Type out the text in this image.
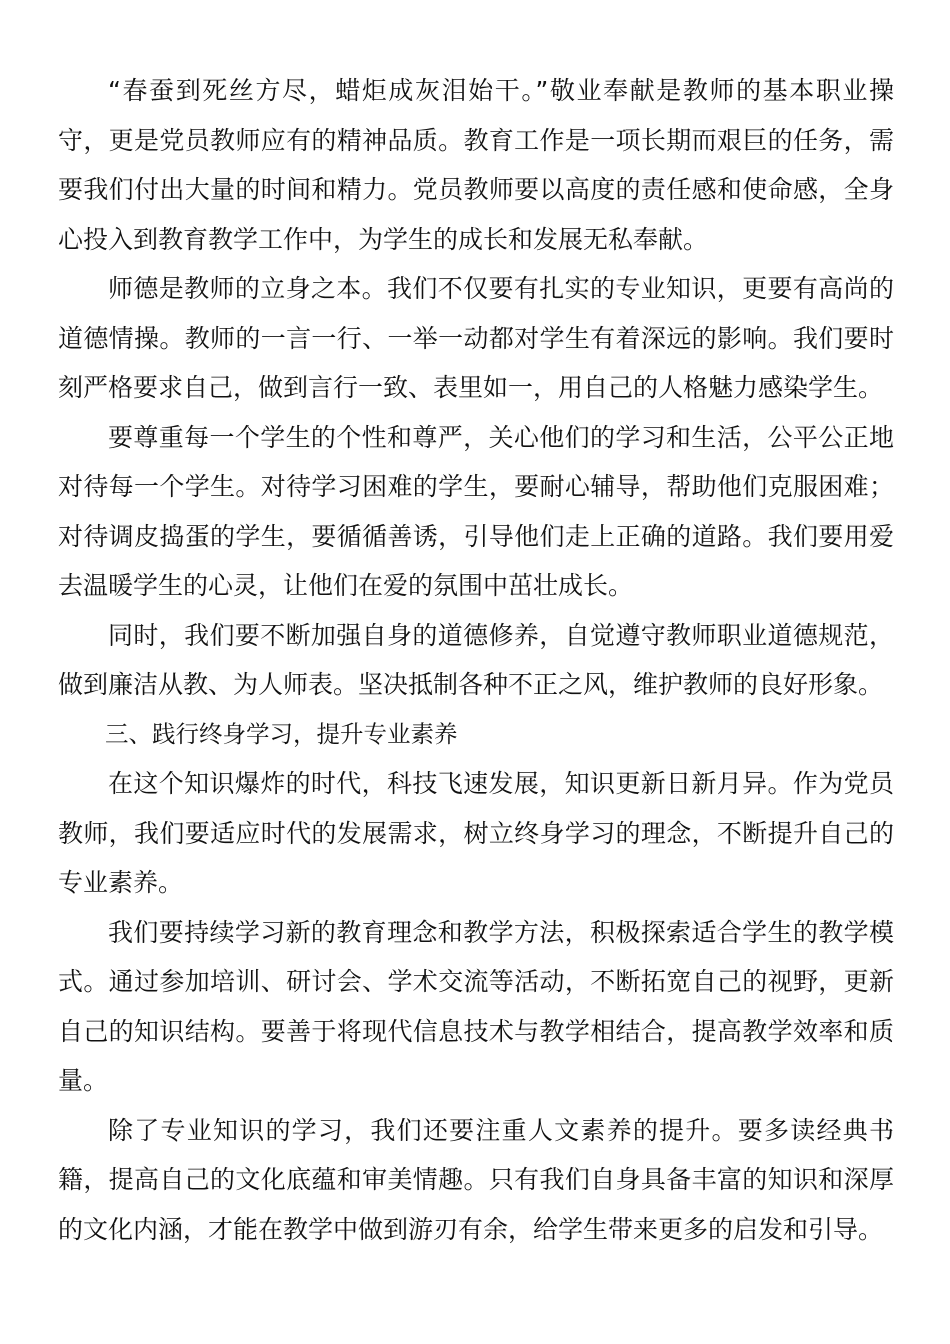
“春蚕到死丝方尽，蜡炬成灰泪始干。”敬业奉献是教师的基本职业操守，更是党员教师应有的精神品质。教育工作是一项长期而艰巨的任务，需要我们付出大量的时间和精力。党员教师要以高度的责任感和使命感，全身心投入到教育教学工作中，为学生的成长和发展无私奉献。

师德是教师的立身之本。我们不仅要有扎实的专业知识，更要有高尚的道德情操。教师的一言一行、一举一动都对学生有着深远的影响。我们要时刻严格要求自己，做到言行一致、表里如一，用自己的人格魅力感染学生。

要尊重每一个学生的个性和尊严，关心他们的学习和生活，公平公正地对待每一个学生。对待学习困难的学生，要耐心辅导，帮助他们克服困难；对待调皮捣蛋的学生，要循循善诱，引导他们走上正确的道路。我们要用爱去温暖学生的心灵，让他们在爱的氛围中茁壮成长。

同时，我们要不断加强自身的道德修养，自觉遵守教师职业道德规范，做到廉洁从教、为人师表。坚决抵制各种不正之风，维护教师的良好形象。

三、践行终身学习，提升专业素养

在这个知识爆炸的时代，科技飞速发展，知识更新日新月异。作为党员教师，我们要适应时代的发展需求，树立终身学习的理念，不断提升自己的专业素养。

我们要持续学习新的教育理念和教学方法，积极探索适合学生的教学模式。通过参加培训、研讨会、学术交流等活动，不断拓宽自己的视野，更新自己的知识结构。要善于将现代信息技术与教学相结合，提高教学效率和质量。

除了专业知识的学习，我们还要注重人文素养的提升。要多读经典书籍，提高自己的文化底蕴和审美情趣。只有我们自身具备丰富的知识和深厚的文化内涵，才能在教学中做到游刃有余，给学生带来更多的启发和引导。
